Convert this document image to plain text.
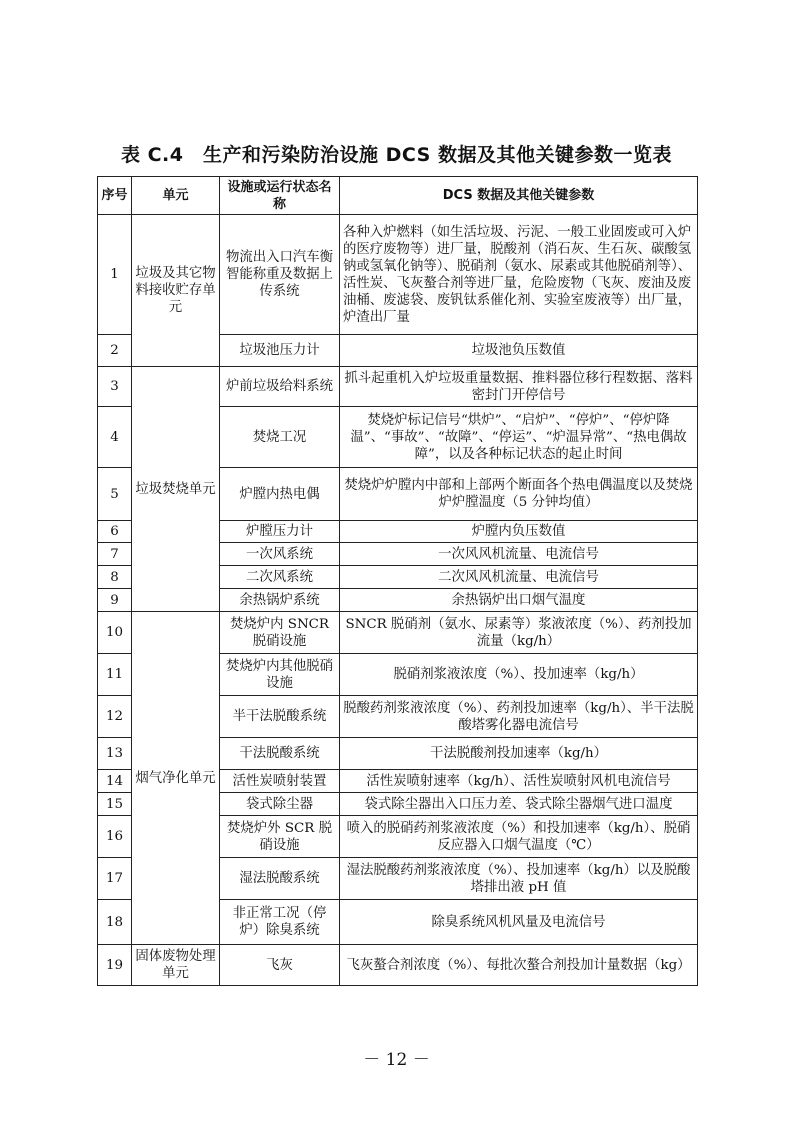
表 C.4　生产和污染防治设施 DCS 数据及其他关键参数一览表
序号	单元	设施或运行状态名称	DCS 数据及其他关键参数
1	垃圾及其它物料接收贮存单元	物流出入口汽车衡智能称重及数据上传系统	各种入炉燃料（如生活垃圾、污泥、一般工业固废或可入炉的医疗废物等）进厂量，脱酸剂（消石灰、生石灰、碳酸氢钠或氢氧化钠等）、脱硝剂（氨水、尿素或其他脱硝剂等）、活性炭、飞灰螯合剂等进厂量，危险废物（飞灰、废油及废油桶、废滤袋、废钒钛系催化剂、实验室废液等）出厂量，炉渣出厂量
2		垃圾池压力计	垃圾池负压数值
3	垃圾焚烧单元	炉前垃圾给料系统	抓斗起重机入炉垃圾重量数据、推料器位移行程数据、落料密封门开停信号
4		焚烧工况	焚烧炉标记信号“烘炉”、“启炉”、“停炉”、“停炉降温”、“事故”、“故障”、“停运”、“炉温异常”、“热电偶故障”，以及各种标记状态的起止时间
5		炉膛内热电偶	焚烧炉炉膛内中部和上部两个断面各个热电偶温度以及焚烧炉炉膛温度（5 分钟均值）
6		炉膛压力计	炉膛内负压数值
7		一次风系统	一次风风机流量、电流信号
8		二次风系统	二次风风机流量、电流信号
9		余热锅炉系统	余热锅炉出口烟气温度
10	烟气净化单元	焚烧炉内 SNCR 脱硝设施	SNCR 脱硝剂（氨水、尿素等）浆液浓度（%）、药剂投加流量（kg/h）
11		焚烧炉内其他脱硝设施	脱硝剂浆液浓度（%）、投加速率（kg/h）
12		半干法脱酸系统	脱酸药剂浆液浓度（%）、药剂投加速率（kg/h）、半干法脱酸塔雾化器电流信号
13		干法脱酸系统	干法脱酸剂投加速率（kg/h）
14		活性炭喷射装置	活性炭喷射速率（kg/h）、活性炭喷射风机电流信号
15		袋式除尘器	袋式除尘器出入口压力差、袋式除尘器烟气进口温度
16		焚烧炉外 SCR 脱硝设施	喷入的脱硝药剂浆液浓度（%）和投加速率（kg/h）、脱硝反应器入口烟气温度（℃）
17		湿法脱酸系统	湿法脱酸药剂浆液浓度（%）、投加速率（kg/h）以及脱酸塔排出液 pH 值
18		非正常工况（停炉）除臭系统	除臭系统风机风量及电流信号
19	固体废物处理单元	飞灰	飞灰螯合剂浓度（%）、每批次螯合剂投加计量数据（kg）
－ 12 －
